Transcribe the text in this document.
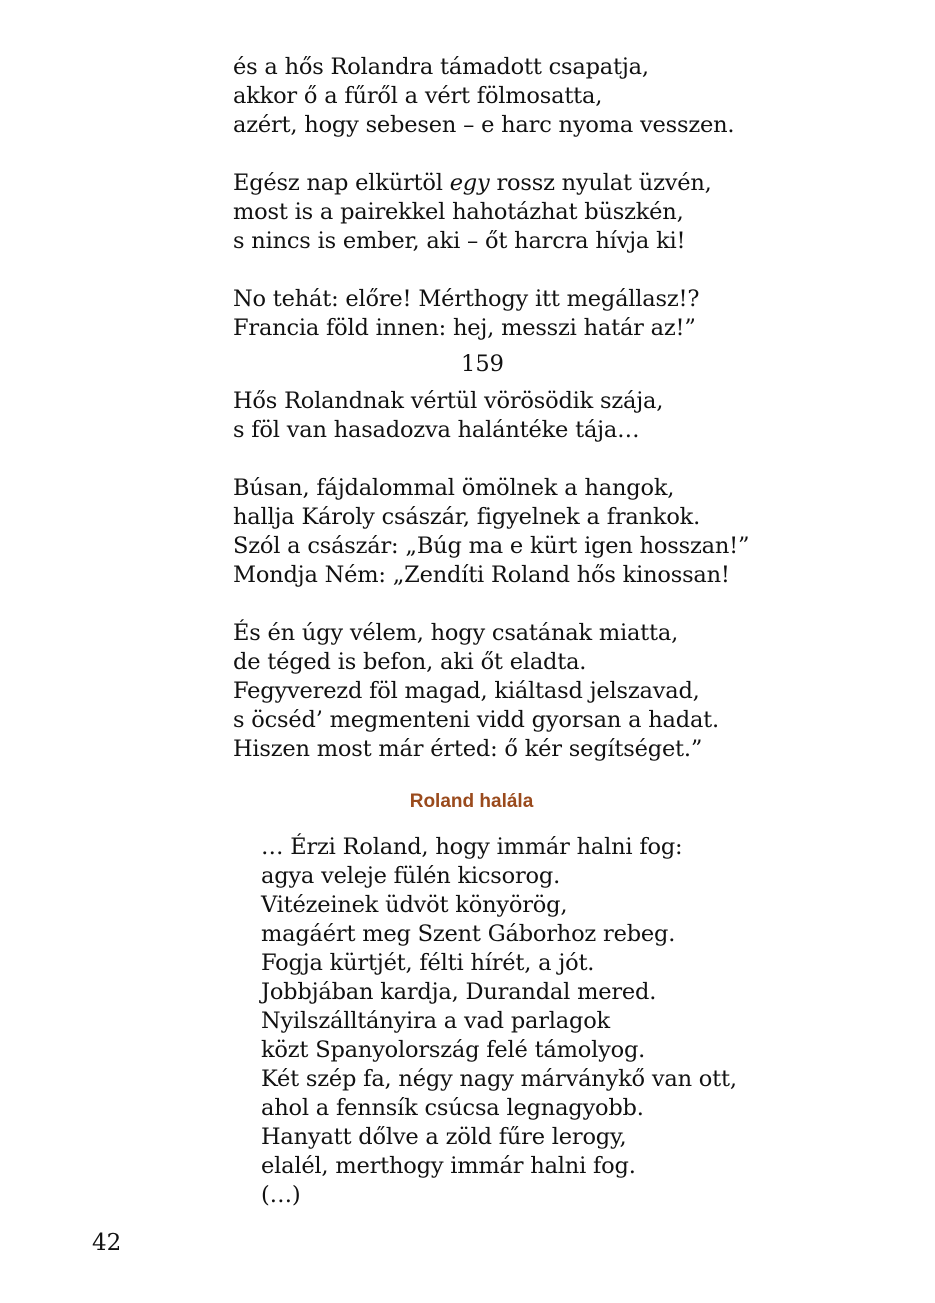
és a hős Rolandra támadott csapatja,
akkor ő a fűről a vért fölmosatta,
azért, hogy sebesen – e harc nyoma vesszen.
Egész nap elkürtöl egy rossz nyulat üzvén,
most is a pairekkel hahotázhat büszkén,
s nincs is ember, aki – őt harcra hívja ki!
No tehát: előre! Mérthogy itt megállasz!?
Francia föld innen: hej, messzi határ az!”
159
Hős Rolandnak vértül vörösödik szája,
s föl van hasadozva halántéke tája…
Búsan, fájdalommal ömölnek a hangok,
hallja Károly császár, figyelnek a frankok.
Szól a császár: „Búg ma e kürt igen hosszan!”
Mondja Ném: „Zendíti Roland hős kinossan!
És én úgy vélem, hogy csatának miatta,
de téged is befon, aki őt eladta.
Fegyverezd föl magad, kiáltasd jelszavad,
s öcséd’ megmenteni vidd gyorsan a hadat.
Hiszen most már érted: ő kér segítséget.”
Roland halála
… Érzi Roland, hogy immár halni fog:
agya veleje fülén kicsorog.
Vitézeinek üdvöt könyörög,
magáért meg Szent Gáborhoz rebeg.
Fogja kürtjét, félti hírét, a jót.
Jobbjában kardja, Durandal mered.
Nyilszálltányira a vad parlagok
közt Spanyolország felé támolyog.
Két szép fa, négy nagy márványkő van ott,
ahol a fennsík csúcsa legnagyobb.
Hanyatt dőlve a zöld fűre lerogy,
elalél, merthogy immár halni fog.
(…)
42
